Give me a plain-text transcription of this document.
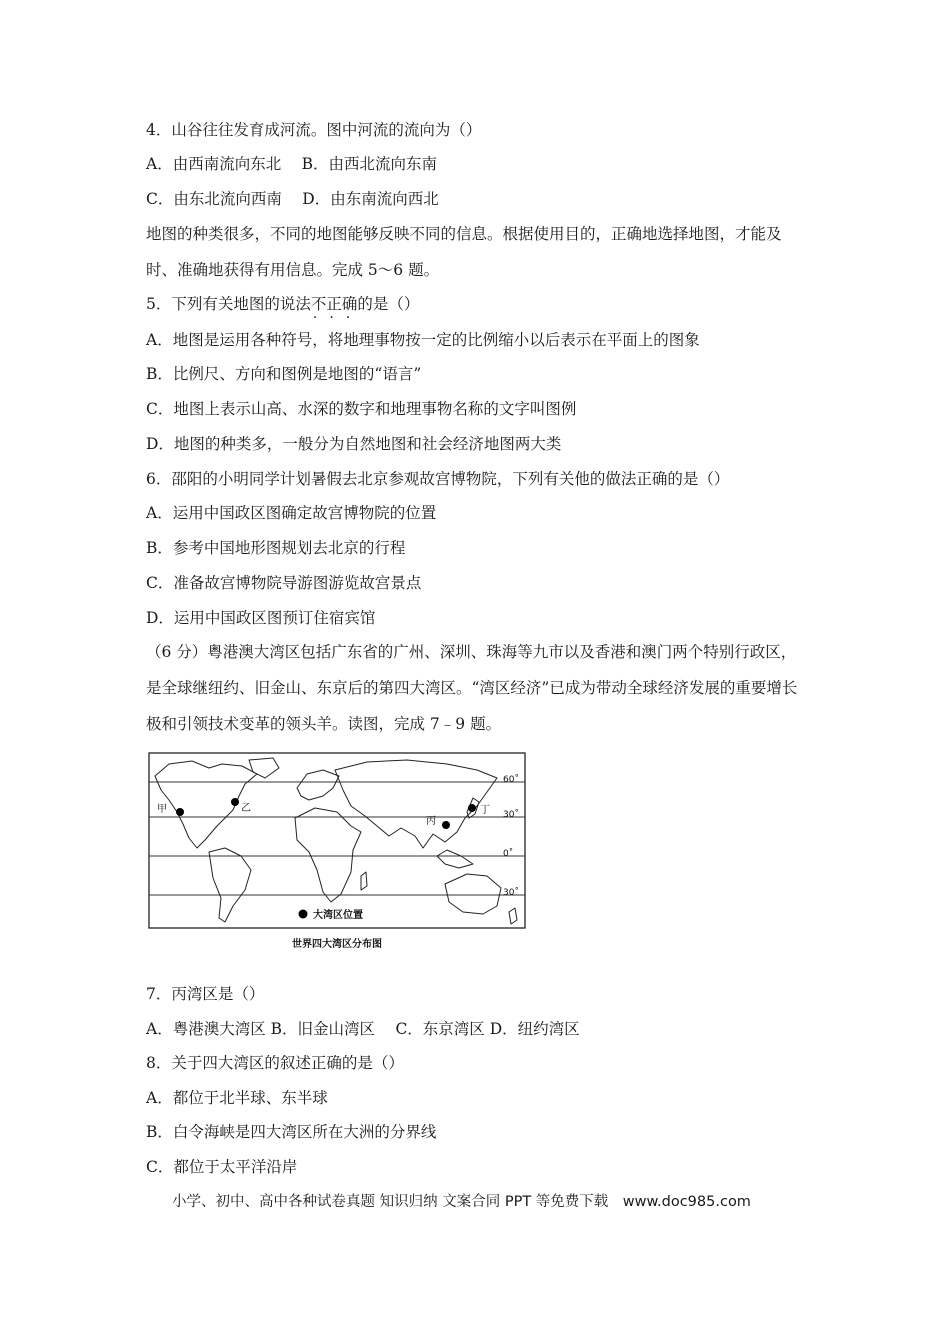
4．山谷往往发育成河流。图中河流的流向为（）
A．由西南流向东北　 B．由西北流向东南
C．由东北流向西南　 D．由东南流向西北
地图的种类很多，不同的地图能够反映不同的信息。根据使用目的，正确地选择地图，才能及时、准确地获得有用信息。完成 5～6 题。
5．下列有关地图的说法不正确 · · ·的是（）
A．地图是运用各种符号，将地理事物按一定的比例缩小以后表示在平面上的图象
B．比例尺、方向和图例是地图的“语言”
C．地图上表示山高、水深的数字和地理事物名称的文字叫图例
D．地图的种类多，一般分为自然地图和社会经济地图两大类
6．邵阳的小明同学计划暑假去北京参观故宫博物院，下列有关他的做法正确的是（）
A．运用中国政区图确定故宫博物院的位置
B．参考中国地形图规划去北京的行程
C．准备故宫博物院导游图游览故宫景点
D．运用中国政区图预订住宿宾馆
（6 分）粤港澳大湾区包括广东省的广州、深圳、珠海等九市以及香港和澳门两个特别行政区，是全球继纽约、旧金山、东京后的第四大湾区。“湾区经济”已成为带动全球经济发展的重要增长极和引领技术变革的领头羊。读图，完成 7﹣9 题。
60˚
30˚
0˚
30˚
甲	乙
丙
丁
大湾区位置
世界四大湾区分布图
7．丙湾区是（）
A．粤港澳大湾区 B．旧金山湾区　 C．东京湾区 D．纽约湾区
8．关于四大湾区的叙述正确的是（）
A．都位于北半球、东半球
B．白令海峡是四大湾区所在大洲的分界线
C．都位于太平洋沿岸
小学、初中、高中各种试卷真题 知识归纳 文案合同 PPT 等免费下载　www.doc985.com
